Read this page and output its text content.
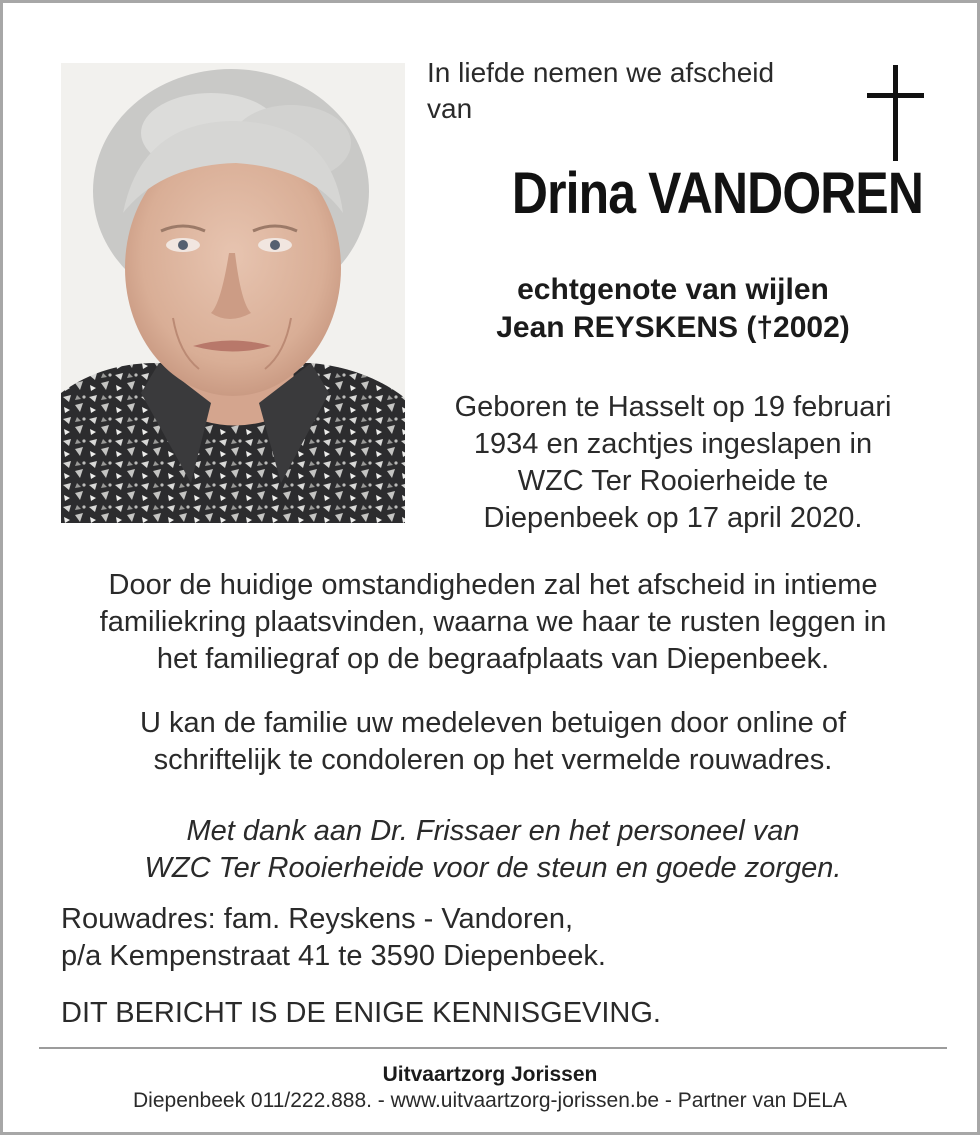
In liefde nemen we afscheid
van
Drina VANDOREN
echtgenote van wijlen
Jean REYSKENS (†2002)
Geboren te Hasselt op 19 februari
1934 en zachtjes ingeslapen in
WZC Ter Rooierheide te
Diepenbeek op 17 april 2020.
Door de huidige omstandigheden zal het afscheid in intieme
familiekring plaatsvinden, waarna we haar te rusten leggen in
het familiegraf op de begraafplaats van Diepenbeek.
U kan de familie uw medeleven betuigen door online of
schriftelijk te condoleren op het vermelde rouwadres.
Met dank aan Dr. Frissaer en het personeel van
WZC Ter Rooierheide voor de steun en goede zorgen.
Rouwadres: fam. Reyskens - Vandoren,
p/a Kempenstraat 41 te 3590 Diepenbeek.
DIT BERICHT IS DE ENIGE KENNISGEVING.
Uitvaartzorg Jorissen
Diepenbeek 011/222.888. - www.uitvaartzorg-jorissen.be - Partner van DELA
